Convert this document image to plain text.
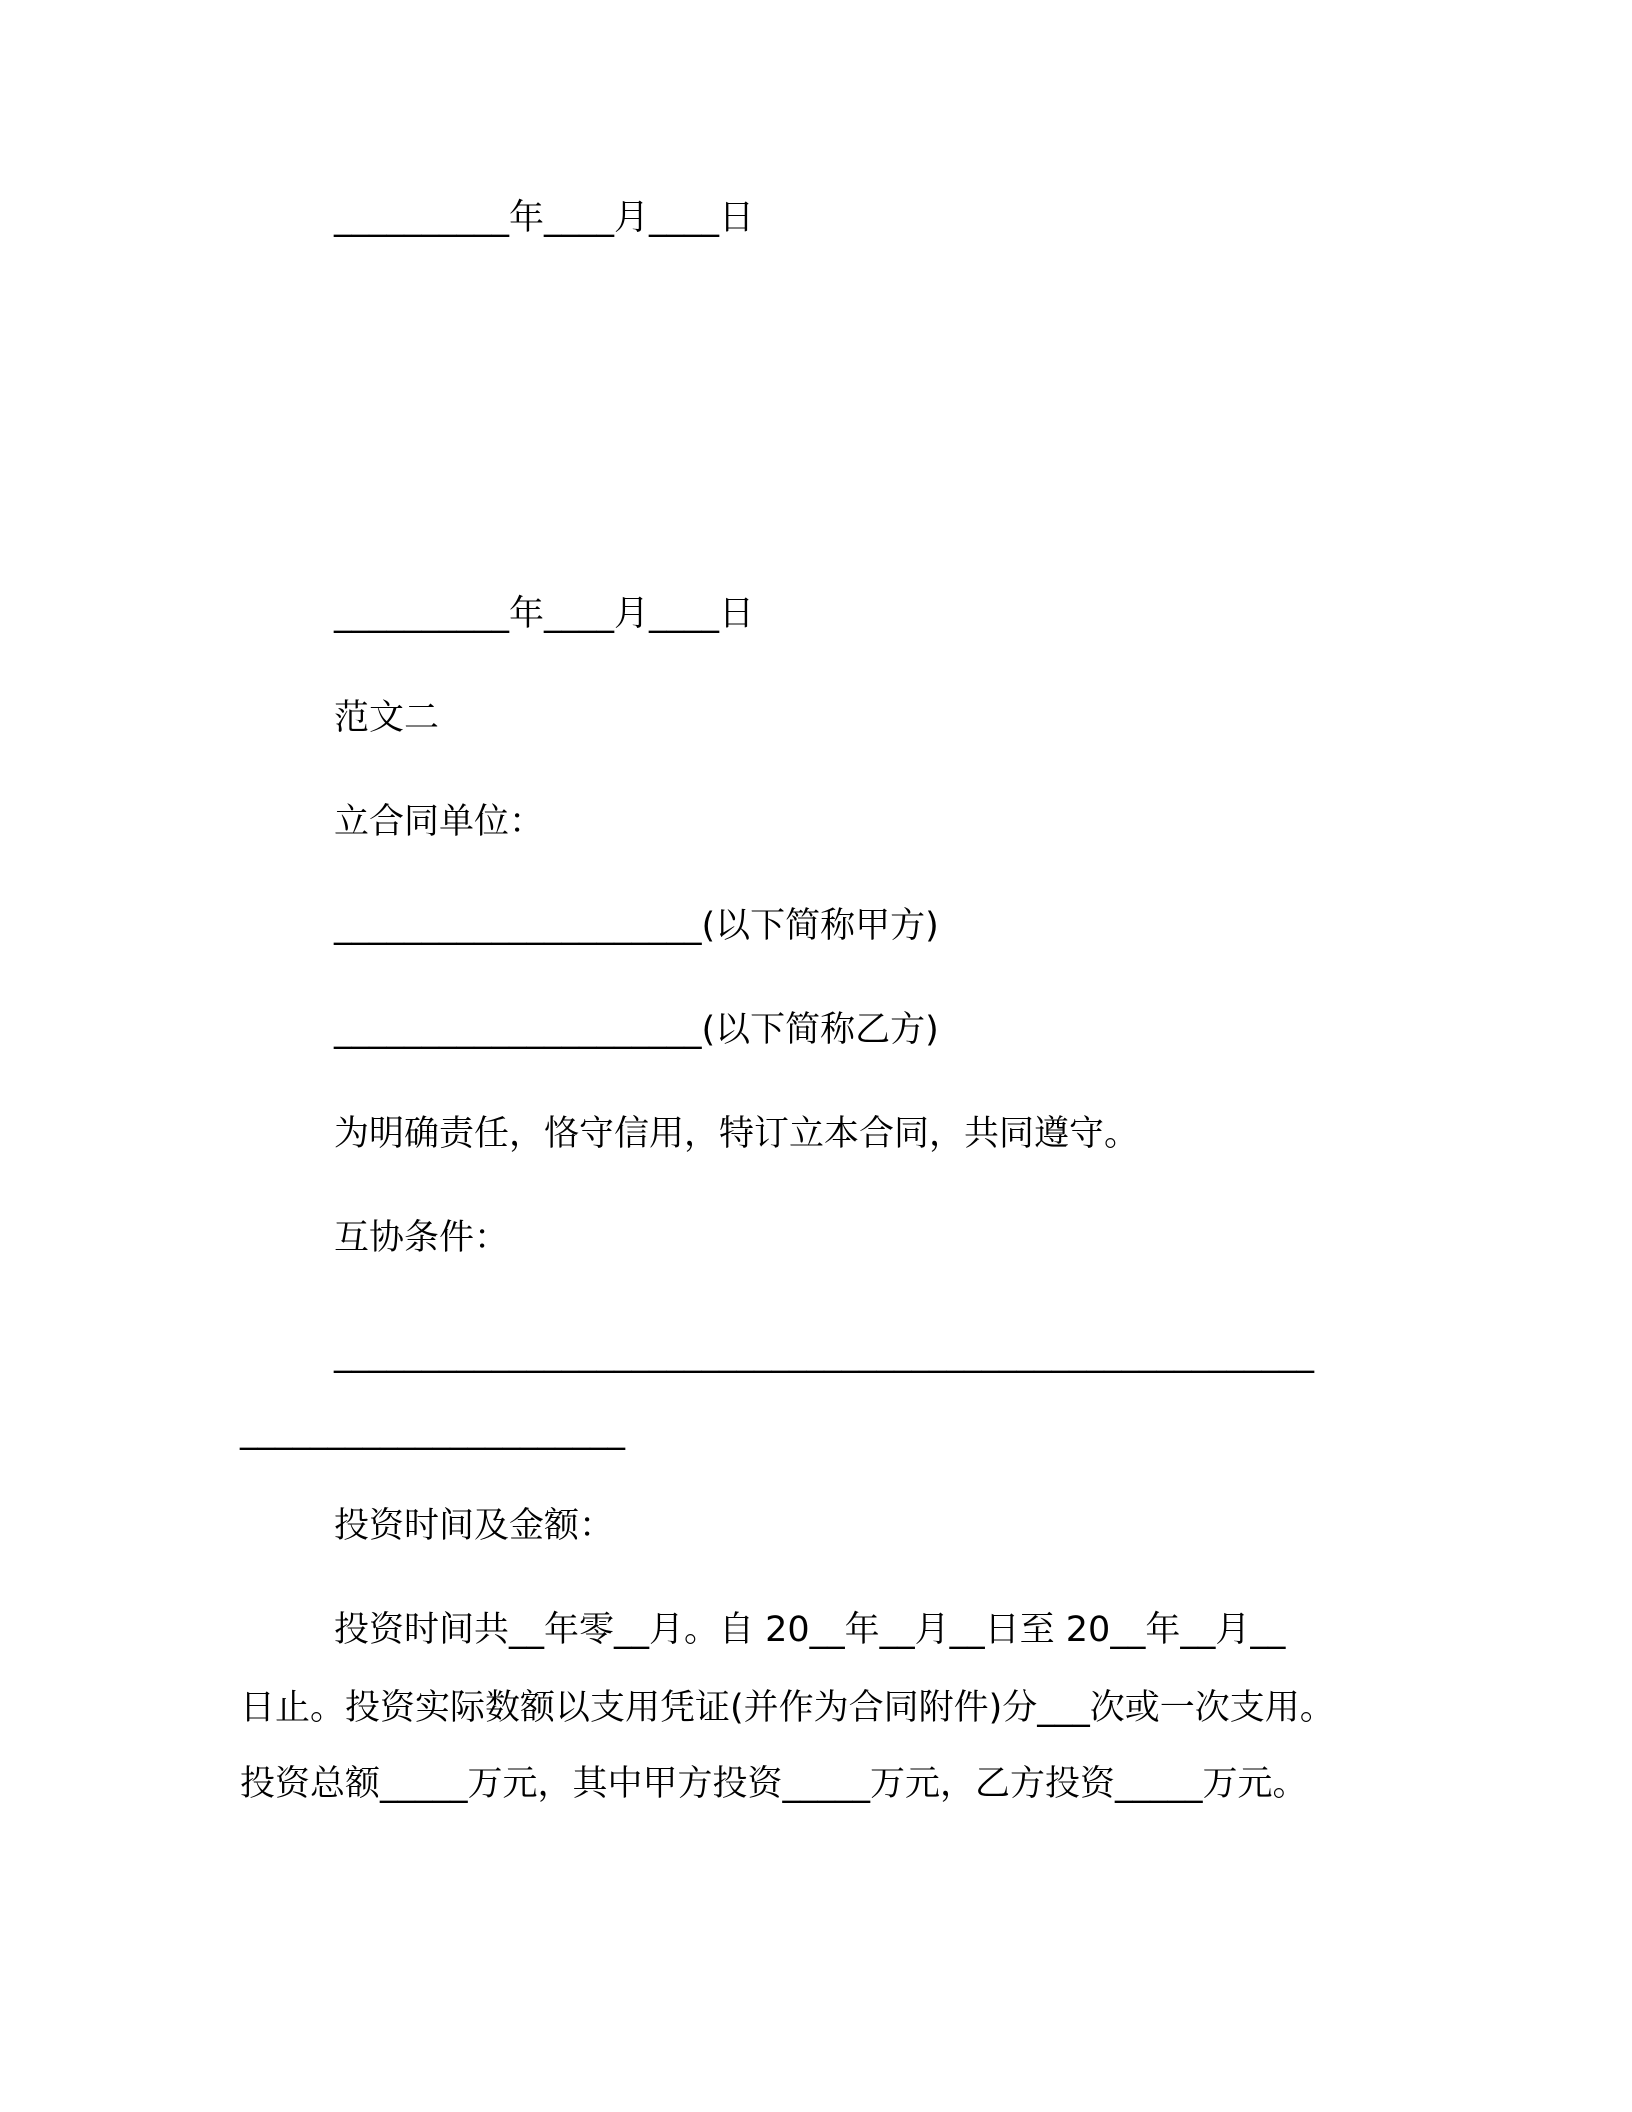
__________年____月____日
__________年____月____日
范文二
立合同单位：
_____________________(以下简称甲方)
_____________________(以下简称乙方)
为明确责任，恪守信用，特订立本合同，共同遵守。
互协条件：
________________________________________________________
______________________
投资时间及金额：
投资时间共__年零__月。自 20__年__月__日至 20__年__月__
日止。投资实际数额以支用凭证(并作为合同附件)分___次或一次支用。
投资总额_____万元，其中甲方投资_____万元，乙方投资_____万元。
